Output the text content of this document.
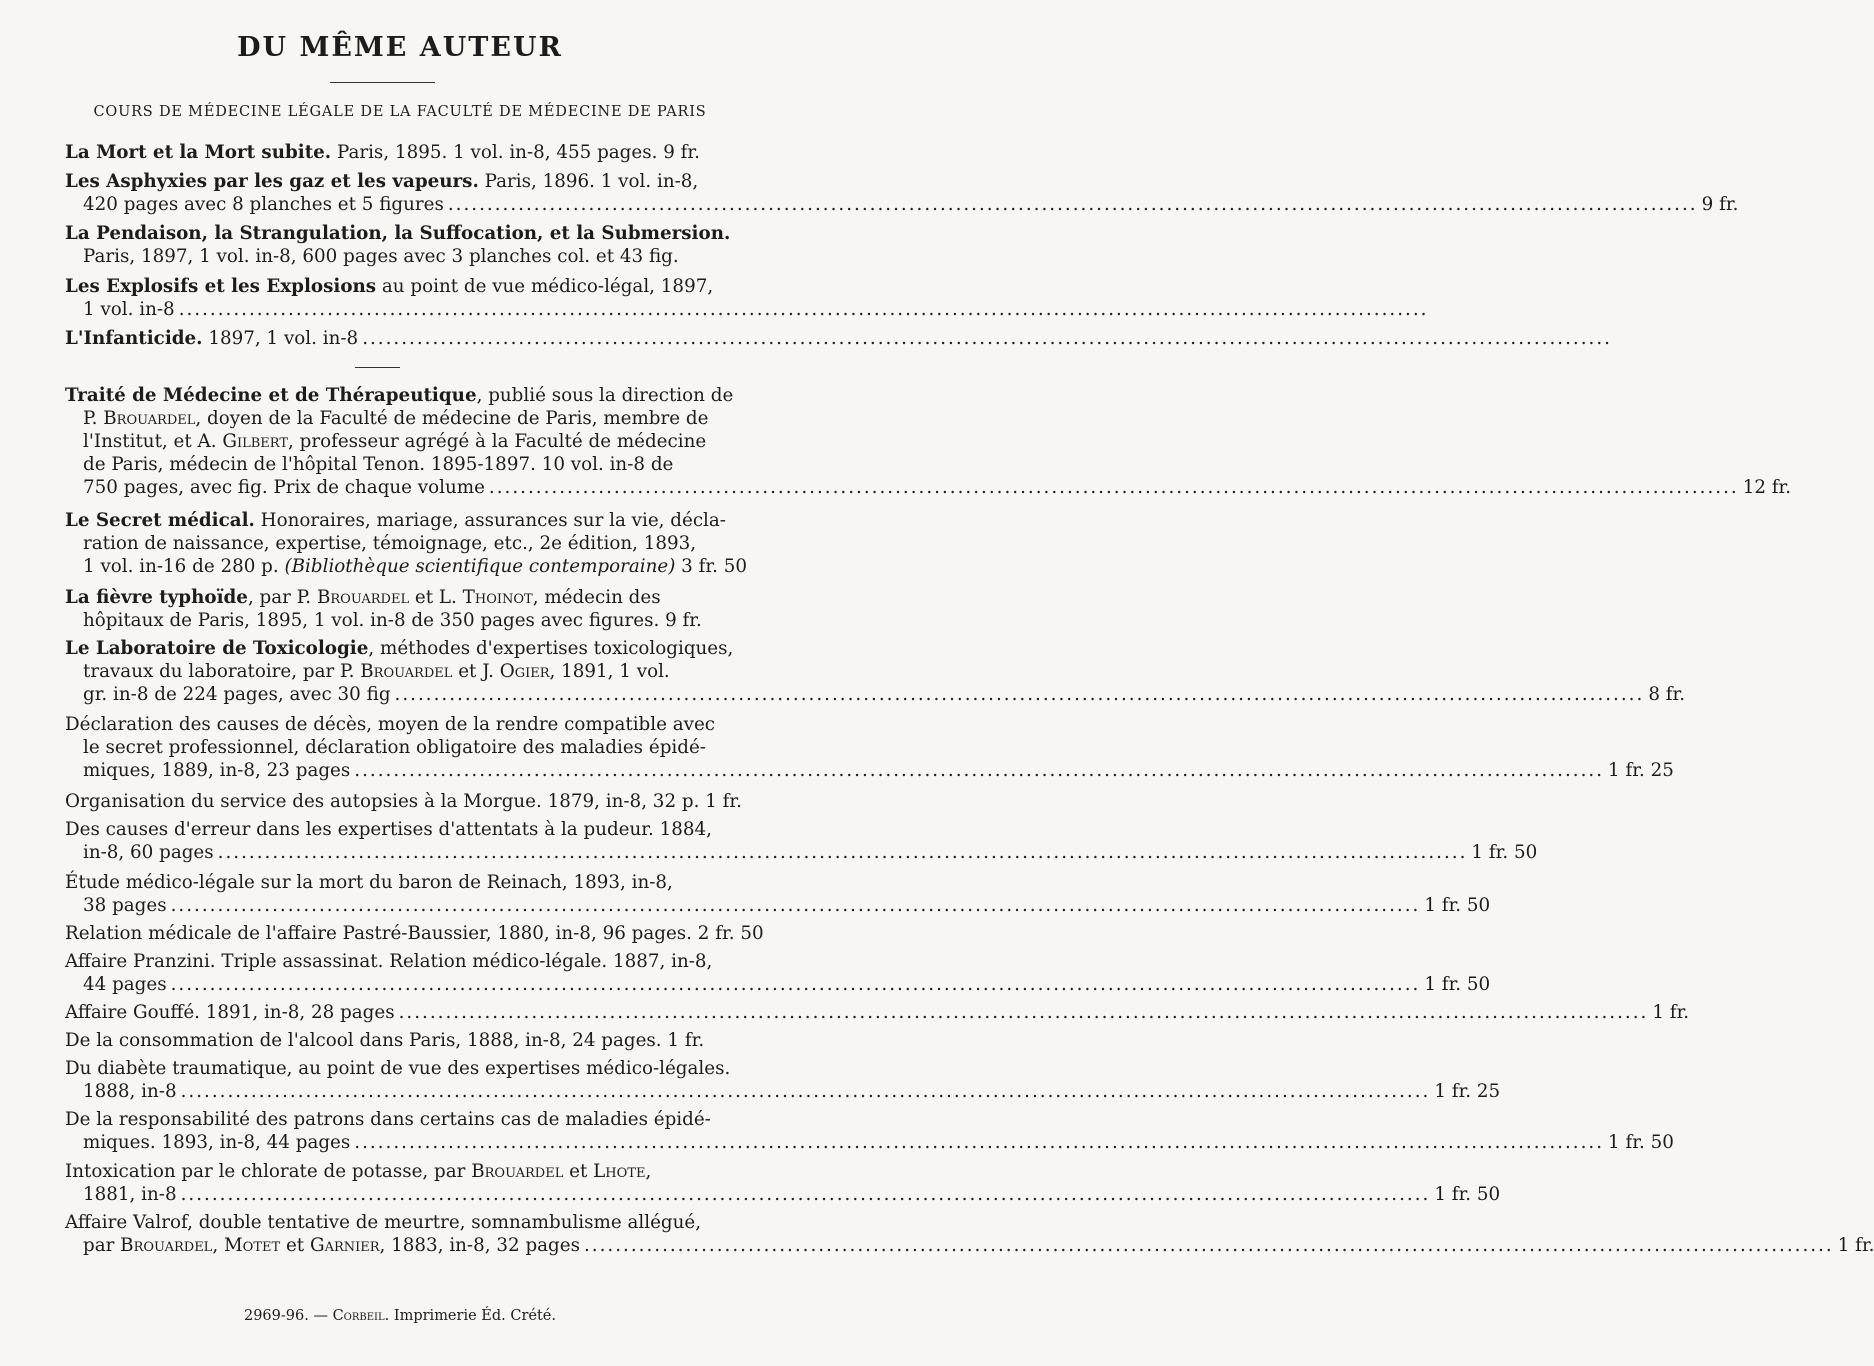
DU MÊME AUTEUR
COURS DE MÉDECINE LÉGALE DE LA FACULTÉ DE MÉDECINE DE PARIS
La Mort et la Mort subite. Paris, 1895. 1 vol. in-8, 455 pages. 9 fr.
Les Asphyxies par les gaz et les vapeurs. Paris, 1896. 1 vol. in-8,
420 pages avec 8 planches et 5 figures ................................................................................................................................................................ 9 fr.
La Pendaison, la Strangulation, la Suffocation, et la Submersion.
Paris, 1897, 1 vol. in-8, 600 pages avec 3 planches col. et 43 fig.
Les Explosifs et les Explosions au point de vue médico-légal, 1897,
1 vol. in-8 ................................................................................................................................................................
L'Infanticide. 1897, 1 vol. in-8 ................................................................................................................................................................
Traité de Médecine et de Thérapeutique, publié sous la direction de
P. Brouardel, doyen de la Faculté de médecine de Paris, membre de
l'Institut, et A. Gilbert, professeur agrégé à la Faculté de médecine
de Paris, médecin de l'hôpital Tenon. 1895-1897. 10 vol. in-8 de
750 pages, avec fig. Prix de chaque volume ................................................................................................................................................................ 12 fr.
Le Secret médical. Honoraires, mariage, assurances sur la vie, décla-
ration de naissance, expertise, témoignage, etc., 2e édition, 1893,
1 vol. in-16 de 280 p. (Bibliothèque scientifique contemporaine) 3 fr. 50
La fièvre typhoïde, par P. Brouardel et L. Thoinot, médecin des
hôpitaux de Paris, 1895, 1 vol. in-8 de 350 pages avec figures. 9 fr.
Le Laboratoire de Toxicologie, méthodes d'expertises toxicologiques,
travaux du laboratoire, par P. Brouardel et J. Ogier, 1891, 1 vol.
gr. in-8 de 224 pages, avec 30 fig ................................................................................................................................................................ 8 fr.
Déclaration des causes de décès, moyen de la rendre compatible avec
le secret professionnel, déclaration obligatoire des maladies épidé-
miques, 1889, in-8, 23 pages ................................................................................................................................................................ 1 fr. 25
Organisation du service des autopsies à la Morgue. 1879, in-8, 32 p. 1 fr.
Des causes d'erreur dans les expertises d'attentats à la pudeur. 1884,
in-8, 60 pages ................................................................................................................................................................ 1 fr. 50
Étude médico-légale sur la mort du baron de Reinach, 1893, in-8,
38 pages ................................................................................................................................................................ 1 fr. 50
Relation médicale de l'affaire Pastré-Baussier, 1880, in-8, 96 pages. 2 fr. 50
Affaire Pranzini. Triple assassinat. Relation médico-légale. 1887, in-8,
44 pages ................................................................................................................................................................ 1 fr. 50
Affaire Gouffé. 1891, in-8, 28 pages ................................................................................................................................................................ 1 fr.
De la consommation de l'alcool dans Paris, 1888, in-8, 24 pages. 1 fr.
Du diabète traumatique, au point de vue des expertises médico-légales.
1888, in-8 ................................................................................................................................................................ 1 fr. 25
De la responsabilité des patrons dans certains cas de maladies épidé-
miques. 1893, in-8, 44 pages ................................................................................................................................................................ 1 fr. 50
Intoxication par le chlorate de potasse, par Brouardel et Lhote,
1881, in-8 ................................................................................................................................................................ 1 fr. 50
Affaire Valrof, double tentative de meurtre, somnambulisme allégué,
par Brouardel, Motet et Garnier, 1883, in-8, 32 pages ................................................................................................................................................................ 1 fr.
2969-96. — Corbeil. Imprimerie Éd. Crété.
